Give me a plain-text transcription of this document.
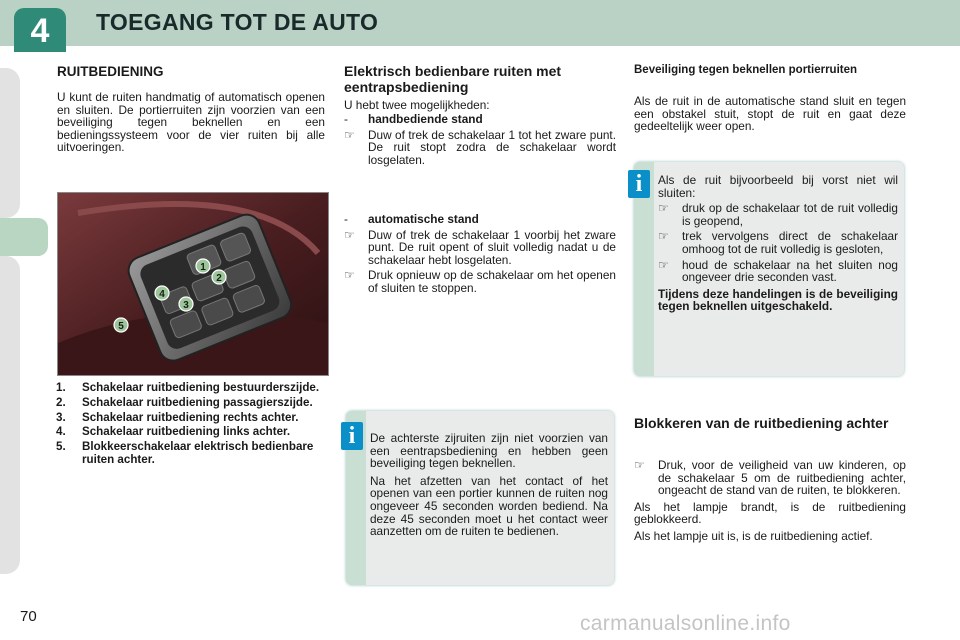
4	TOEGANG TOT DE AUTO
RUITBEDIENING

U kunt de ruiten handmatig of automatisch openen en sluiten. De portierruiten zijn voorzien van een beveiliging tegen beknellen en een bedieningssysteem voor de vier ruiten bij alle uitvoeringen.

1
2
3
4
5
1.	Schakelaar ruitbediening bestuurderszijde.
2.	Schakelaar ruitbediening passagierszijde.
3.	Schakelaar ruitbediening rechts achter.
4.	Schakelaar ruitbediening links achter.
5.	Blokkeerschakelaar elektrisch bedienbare ruiten achter.
Elektrisch bedienbare ruiten met eentrapsbediening

U hebt twee mogelijkheden:

-	handbediende stand
☞	Duw of trek de schakelaar 1 tot het zware punt. De ruit stopt zodra de schakelaar wordt losgelaten.
-	automatische stand
☞	Duw of trek de schakelaar 1 voorbij het zware punt. De ruit opent of sluit volledig nadat u de schakelaar hebt losgelaten.
☞	Druk opnieuw op de schakelaar om het openen of sluiten te stoppen.
i	De achterste zijruiten zijn niet voorzien van een eentrapsbediening en hebben geen beveiliging tegen beknellen.

Na het afzetten van het contact of het openen van een portier kunnen de ruiten nog ongeveer 45 seconden worden bediend. Na deze 45 seconden moet u het contact weer aanzetten om de ruiten te bedienen.

Beveiliging tegen beknellen portierruiten

Als de ruit in de automatische stand sluit en tegen een obstakel stuit, stopt de ruit en gaat deze gedeeltelijk weer open.

i	Als de ruit bijvoorbeeld bij vorst niet wil sluiten:

☞	druk op de schakelaar tot de ruit volledig is geopend,
☞	trek vervolgens direct de schakelaar omhoog tot de ruit volledig is gesloten,
☞	houd de schakelaar na het sluiten nog ongeveer drie seconden vast.

Tijdens deze handelingen is de beveiliging tegen beknellen uitgeschakeld.

Blokkeren van de ruitbediening achter
☞	Druk, voor de veiligheid van uw kinderen, op de schakelaar 5 om de ruitbediening achter, ongeacht de stand van de ruiten, te blokkeren.

Als het lampje brandt, is de ruitbediening geblokkeerd.

Als het lampje uit is, is de ruitbediening actief.

70	carmanualsonline.info
